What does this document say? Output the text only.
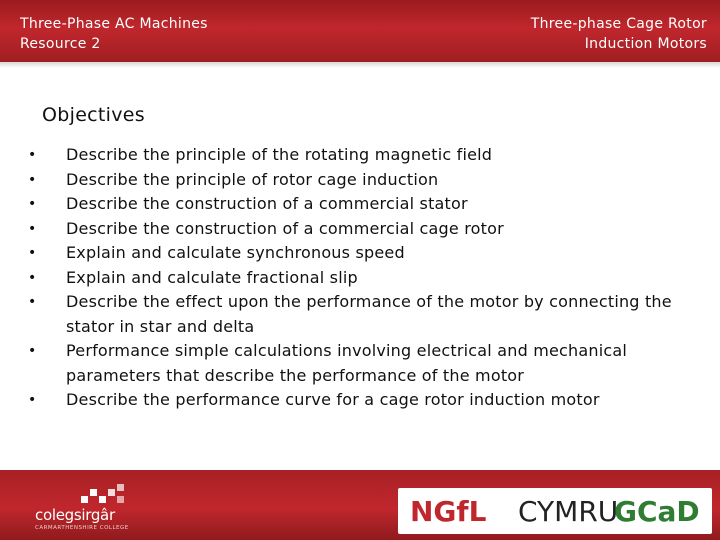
Three-Phase AC Machines
Resource 2
Three-phase Cage Rotor
Induction Motors
Objectives
• Describe the principle of the rotating magnetic field
• Describe the principle of rotor cage induction
• Describe the construction of a commercial stator
• Describe the construction of a commercial cage rotor
• Explain and calculate synchronous speed
• Explain and calculate fractional slip
• Describe the effect upon the performance of the motor by connecting the stator in star and delta
• Performance simple calculations involving electrical and mechanical parameters that describe the performance of the motor
• Describe the performance curve for a cage rotor induction motor
colegsirgâr
CARMARTHENSHIRE COLLEGE	NGfL CYMRU
GCaD
